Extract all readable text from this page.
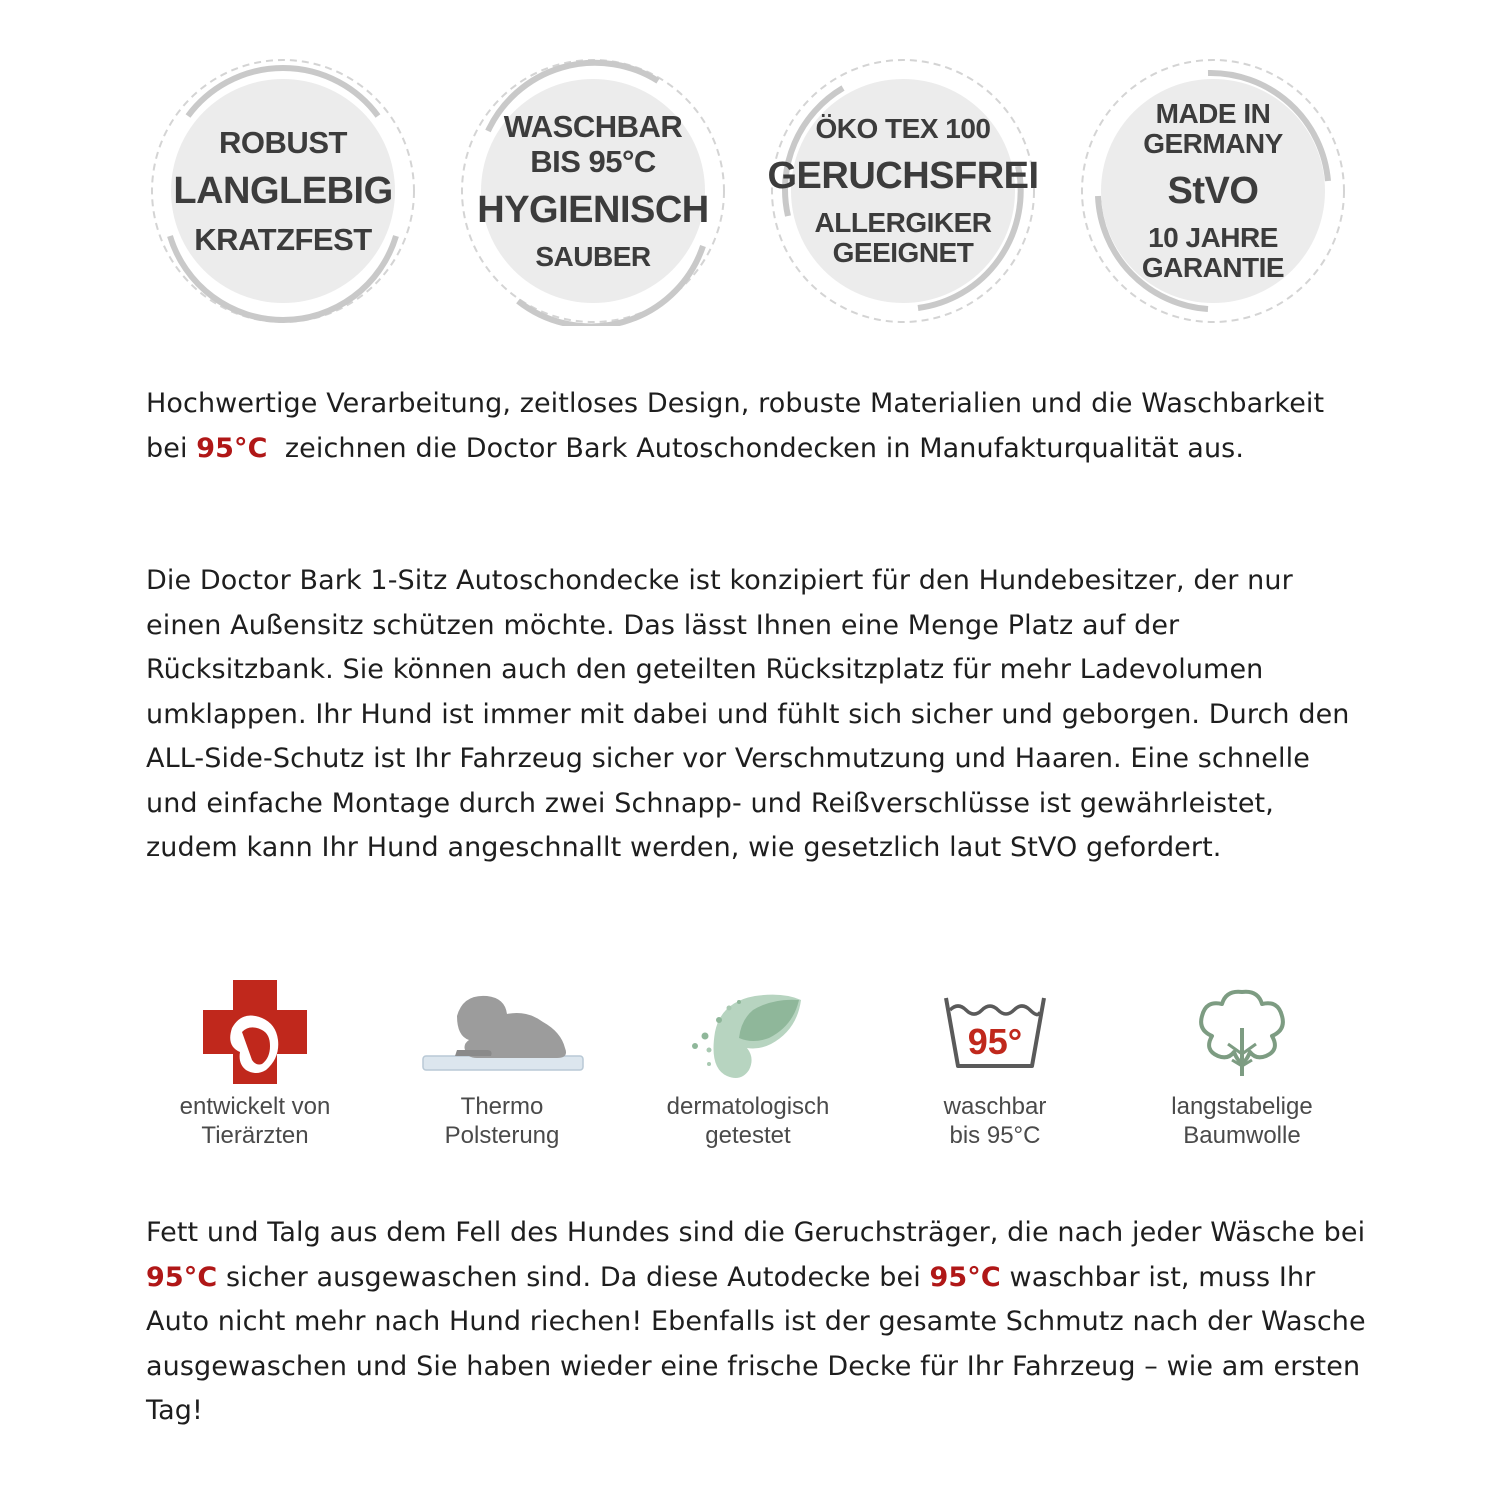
ROBUST
LANGLEBIG
KRATZFEST
WASCHBAR
BIS 95°C
HYGIENISCH
SAUBER
ÖKO TEX 100
GERUCHSFREI
ALLERGIKER
GEEIGNET
MADE IN
GERMANY
StVO
10 JAHRE
GARANTIE

Hochwertige Verarbeitung, zeitloses Design, robuste Materialien und die Waschbarkeit bei 95°C  zeichnen die Doctor Bark Autoschondecken in Manufakturqualität aus.

Die Doctor Bark 1-Sitz Autoschondecke ist konzipiert für den Hundebesitzer, der nur einen Außensitz schützen möchte. Das lässt Ihnen eine Menge Platz auf der Rücksitzbank. Sie können auch den geteilten Rücksitzplatz für mehr Ladevolumen umklappen. Ihr Hund ist immer mit dabei und fühlt sich sicher und geborgen. Durch den ALL-Side-Schutz ist Ihr Fahrzeug sicher vor Verschmutzung und Haaren. Eine schnelle und einfache Montage durch zwei Schnapp- und Reißverschlüsse ist gewährleistet, zudem kann Ihr Hund angeschnallt werden, wie gesetzlich laut StVO gefordert.

entwickelt von
Tierärzten
Thermo
Polsterung
dermatologisch
getestet
95°
waschbar
bis 95°C
langstabelige
Baumwolle

Fett und Talg aus dem Fell des Hundes sind die Geruchsträger, die nach jeder Wäsche bei 95°C sicher ausgewaschen sind. Da diese Autodecke bei 95°C waschbar ist, muss Ihr Auto nicht mehr nach Hund riechen! Ebenfalls ist der gesamte Schmutz nach der Wasche ausgewaschen und Sie haben wieder eine frische Decke für Ihr Fahrzeug – wie am ersten Tag!
